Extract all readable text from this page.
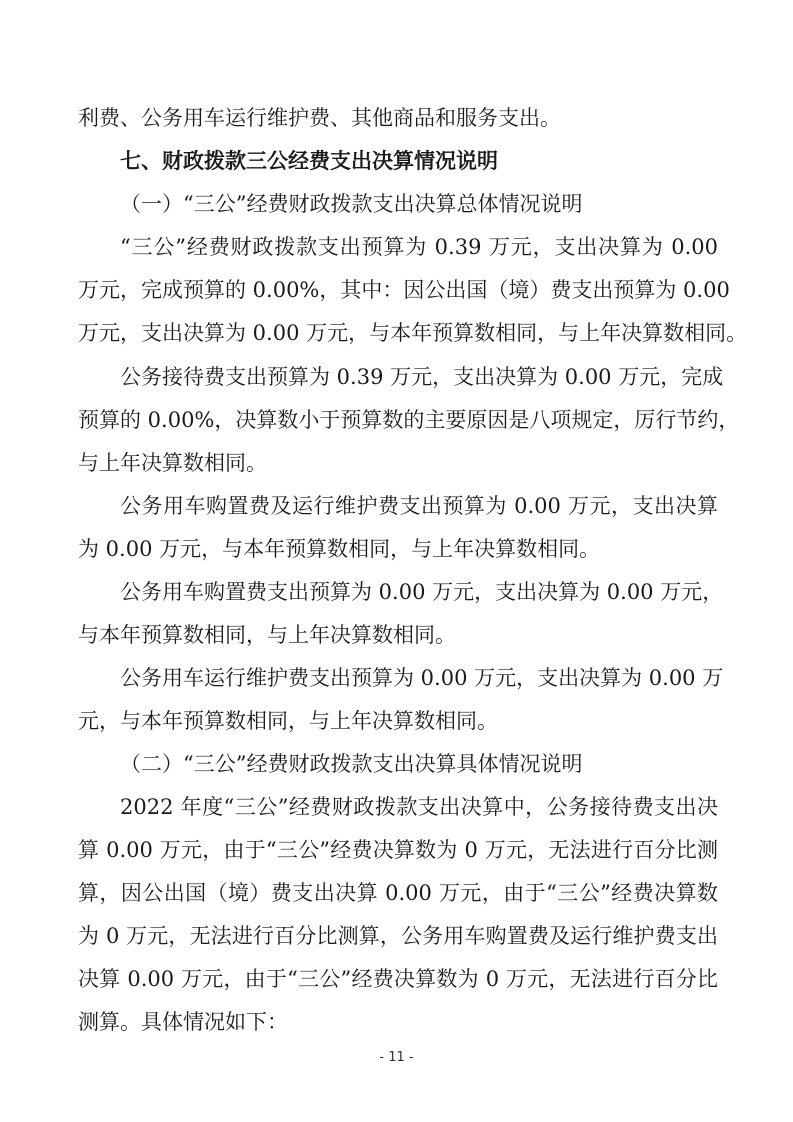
利费、公务用车运行维护费、其他商品和服务支出。
七、财政拨款三公经费支出决算情况说明
（一）“三公”经费财政拨款支出决算总体情况说明
“三公”经费财政拨款支出预算为 0.39 万元，支出决算为 0.00
万元，完成预算的 0.00%，其中：因公出国（境）费支出预算为 0.00
万元，支出决算为 0.00 万元，与本年预算数相同，与上年决算数相同。
公务接待费支出预算为 0.39 万元，支出决算为 0.00 万元，完成
预算的 0.00%，决算数小于预算数的主要原因是八项规定，厉行节约，
与上年决算数相同。
公务用车购置费及运行维护费支出预算为 0.00 万元，支出决算
为 0.00 万元，与本年预算数相同，与上年决算数相同。
公务用车购置费支出预算为 0.00 万元，支出决算为 0.00 万元，
与本年预算数相同，与上年决算数相同。
公务用车运行维护费支出预算为 0.00 万元，支出决算为 0.00 万
元，与本年预算数相同，与上年决算数相同。
（二）“三公”经费财政拨款支出决算具体情况说明
2022 年度“三公”经费财政拨款支出决算中，公务接待费支出决
算 0.00 万元，由于“三公”经费决算数为 0 万元，无法进行百分比测
算，因公出国（境）费支出决算 0.00 万元，由于“三公”经费决算数
为 0 万元，无法进行百分比测算，公务用车购置费及运行维护费支出
决算 0.00 万元，由于“三公”经费决算数为 0 万元，无法进行百分比
测算。具体情况如下：
- 11 -
